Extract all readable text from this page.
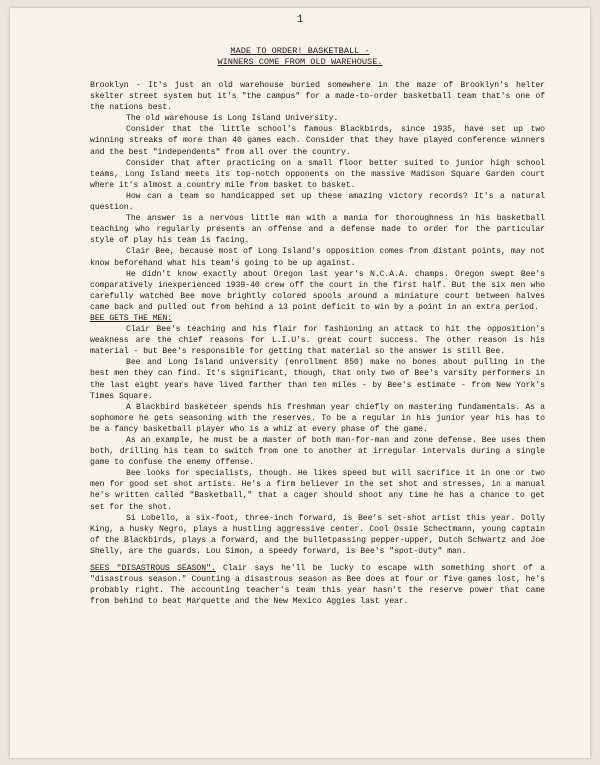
1
MADE TO ORDER! BASKETBALL -
WINNERS COME FROM OLD WAREHOUSE.

Brooklyn - It's just an old warehouse buried somewhere in the maze of Brooklyn's helter skelter street system but it's "the campus" for a made-to-order basketball team that's one of the nations best.

The old warehouse is Long Island University.

Consider that the little school's famous Blackbirds, since 1935, have set up two winning streaks of more than 40 games each. Consider that they have played conference winners and the best "independents" from all over the country.

Consider that after practicing on a small floor better suited to junior high school teams, Long Island meets its top-notch opponents on the massive Madison Square Garden court where it's almost a country mile from basket to basket.

How can a team so handicapped set up these amazing victory records? It's a natural question.

The answer is a nervous little man with a mania for thoroughness in his basketball teaching who regularly presents an offense and a defense made to order for the particular style of play his team is facing.

Clair Bee, because most of Long Island's opposition comes from distant points, may not know beforehand what his team's going to be up against.

He didn't know exactly about Oregon last year's N.C.A.A. champs. Oregon swept Bee's comparatively inexperienced 1939-40 crew off the court in the first half. But the six men who carefully watched Bee move brightly colored spools around a miniature court between halves came back and pulled out from behind a 13 point deficit to win by a point in an extra period.

BEE GETS THE MEN:

Clair Bee's teaching and his flair for fashioning an attack to hit the opposition's weakness are the chief reasons for L.I.U's. great court success. The other reason is his material - but Bee's responsible for getting that material so the answer is still Bee.

Bee and Long Island university (enrollment 850) make no bones about pulling in the best men they can find. It's significant, though, that only two of Bee's varsity performers in the last eight years have lived farther than ten miles - by Bee's estimate - from New York's Times Square.

A Blackbird basketeer spends his freshman year chiefly on mastering fundamentals. As a sophomore he gets seasoning with the reserves. To be a regular in his junior year his has to be a fancy basketball player who is a whiz at every phase of the game.

As an example, he must be a master of both man-for-man and zone defense. Bee uses them both, drilling his team to switch from one to another at irregular intervals during a single game to confuse the enemy offense.

Bee looks for specialists, though. He likes speed but will sacrifice it in one or two men for good set shot artists. He's a firm believer in the set shot and stresses, in a manual he's written called "Basketball," that a cager should shoot any time he has a chance to get set for the shot.

Si Lobello, a six-foot, three-inch forward, is Bee's set-shot artist this year. Dolly King, a husky Negro, plays a hustling aggressive center. Cool Ossie Schectmann, young captain of the Blackbirds, plays a forward, and the bulletpassing pepper-upper, Dutch Schwartz and Joe Shelly, are the guards. Lou Simon, a speedy forward, is Bee's "spot-duty" man.

SEES "DISASTROUS SEASON". Clair says he'll be lucky to escape with something short of a "disastrous season." Counting a disastrous season as Bee does at four or five games lost, he's probably right. The accounting teacher's team this year hasn't the reserve power that came from behind to beat Marquette and the New Mexico Aggies last year.
